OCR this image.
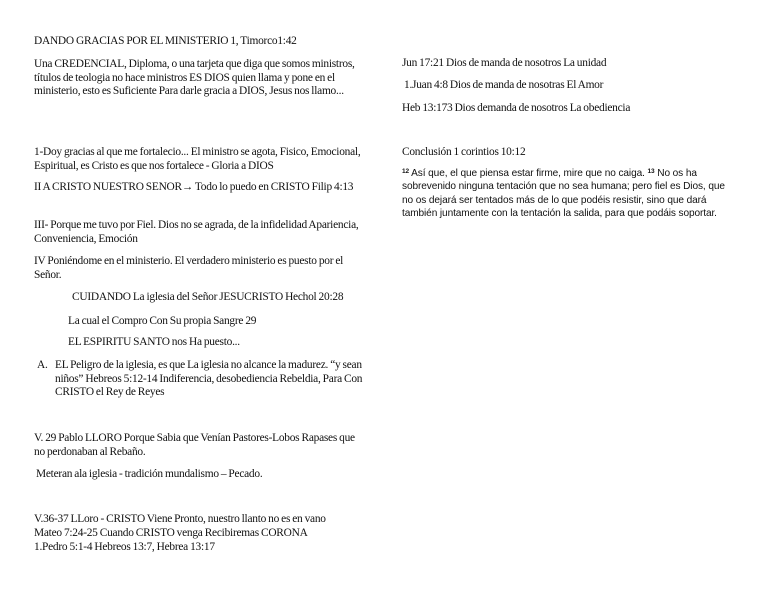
DANDO GRACIAS POR EL MINISTERIO 1, Timorco1:42

Una CREDENCIAL, Diploma, o una tarjeta que diga que somos ministros, títulos de teologia no hace ministros ES DIOS quien llama y pone en el ministerio, esto es Suficiente Para darle gracia a DIOS, Jesus nos llamo...

1-Doy gracias al que me fortalecio... El ministro se agota, Fisico, Emocional, Espiritual, es Cristo es que nos fortalece - Gloria a DIOS

II A CRISTO NUESTRO SENOR→ Todo lo puedo en CRISTO Filip 4:13

III- Porque me tuvo por Fiel. Dios no se agrada, de la infidelidad Apariencia, Conveniencia, Emoción

IV Poniéndome en el ministerio. El verdadero ministerio es puesto por el Señor.

CUIDANDO La iglesia del Señor JESUCRISTO Hechol 20:28

La cual el Compro Con Su propia Sangre 29

EL ESPIRITU SANTO nos Ha puesto...

A. EL Peligro de la iglesia, es que La iglesia no alcance la madurez. “y sean niños” Hebreos 5:12-14 Indiferencia, desobediencia Rebeldia, Para Con CRISTO el Rey de Reyes

V. 29 Pablo LLORO Porque Sabia que Venían Pastores-Lobos Rapases que no perdonaban al Rebaño.

Meteran ala iglesia - tradición mundalismo – Pecado.

V.36-37 LLoro - CRISTO Viene Pronto, nuestro llanto no es en vano

Mateo 7:24-25 Cuando CRISTO venga Recibiremas CORONA

1.Pedro 5:1-4 Hebreos 13:7, Hebrea 13:17

Jun 17:21 Dios de manda de nosotros La unidad

1.Juan 4:8 Dios de manda de nosotras El Amor

Heb 13:173 Dios demanda de nosotros La obediencia

Conclusión 1 corintios 10:12

$^{12}$ Así que, el que piensa estar firme, mire que no caiga. $^{13}$ No os ha sobrevenido ninguna tentación que no sea humana; pero fiel es Dios, que no os dejará ser tentados más de lo que podéis resistir, sino que dará también juntamente con la tentación la salida, para que podáis soportar.
